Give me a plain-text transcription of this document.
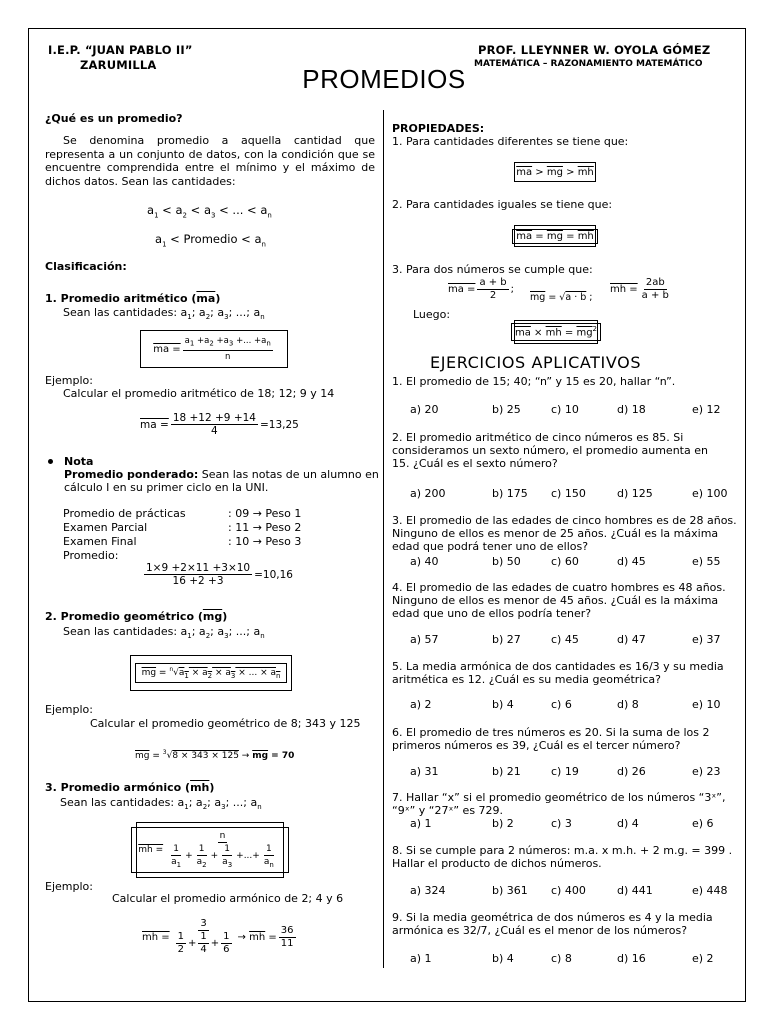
I.E.P. “JUAN PABLO II”
ZARUMILLA
PROF. LLEYNNER W. OYOLA GÓMEZ
MATEMÁTICA – RAZONAMIENTO MATEMÁTICO
PROMEDIOS
¿Qué es un promedio?
Se denomina promedio a aquella cantidad que representa a un conjunto de datos, con la condición que se encuentre comprendida entre el mínimo y el máximo de dichos datos. Sean las cantidades:
$a_1 < a_2 < a_3$ < ... < $a_n$
$a_1$ < Promedio < $a_n$
Clasificación:
1. Promedio aritmético $(\overline{ma})$
Sean las cantidades: $a_1$; $a_2$; $a_3$; ...; $a_n$
ma = $\frac{a_1 +a_2 +a_3 +... +a_n}{n}$
Ejemplo:
Calcular el promedio aritmético de 18; 12; 9 y 14
ma = $\frac{18 +12 +9 +14}{4} =13,25$
Nota
Promedio ponderado: Sean las notas de un alumno en
cálculo I en su primer ciclo en la UNI.
Promedio de prácticas	: 09 → Peso 1
Examen Parcial	: 11 → Peso 2
Examen Final	: 10 → Peso 3
Promedio:
$\frac{1\times 9 +2\times 11 +3\times 10}{16 +2 +3} =10,16$
2. Promedio geométrico $(\overline{mg})$
Sean las cantidades: $a_1$; $a_2$; $a_3$; ...; $a_n$
$\overline{mg} = ^n√a_1 \times a_2 \times a_3$ × ... × $a_n$
Ejemplo:
Calcular el promedio geométrico de 8; 343 y 125
$\overline{mg} = ^3√8 \times 343 \times 125 \to \overline{mg} = 70$
3. Promedio armónico $(\overline{mh})$
Sean las cantidades: $a_1$; $a_2$; $a_3$; ...; $a_n$
mh = $\frac{n}{\frac{1}{a_1} + \frac{1}{a_2} + \frac{1}{a_3} +...+ \frac{1}{a_n}}$
Ejemplo:
Calcular el promedio armónico de 2; 4 y 6
mh = $\frac{3}{\frac{1}{2} + \frac{1}{4} + \frac{1}{6}} \to \overline{mh} = \frac{36}{11}$
PROPIEDADES:
1. Para cantidades diferentes se tiene que:
$\overline{ma} > \overline{mg} > \overline{mh}$
2. Para cantidades iguales se tiene que:
$\overline{ma} = \overline{mg} = \overline{mh}$
3. Para dos números se cumple que:
ma = $\frac{a + b}{2}$ ;
$\overline{mg} = √a \cdot b$ ;
mh = $\frac{2ab}{a + b}$
Luego:
$\overline{ma} \times \overline{mh} = \overline{mg}^2$
EJERCICIOS APLICATIVOS
1. El promedio de 15; 40; “n” y 15 es 20, hallar “n”.
a) 20	b) 25	c) 10	d) 18	e) 12
2. El promedio aritmético de cinco números es 85. Si
consideramos un sexto número, el promedio aumenta en
15. ¿Cuál es el sexto número?
a) 200	b) 175 c) 150	d) 125	e) 100
3. El promedio de las edades de cinco hombres es de 28 años.
Ninguno de ellos es menor de 25 años. ¿Cuál es la máxima
edad que podrá tener uno de ellos?
a) 40	b) 50	c) 60	d) 45	e) 55
4. El promedio de las edades de cuatro hombres es 48 años.
Ninguno de ellos es menor de 45 años. ¿Cuál es la máxima
edad que uno de ellos podría tener?
a) 57	b) 27	c) 45	d) 47	e) 37
5. La media armónica de dos cantidades es 16/3 y su media
aritmética es 12. ¿Cuál es su media geométrica?
a) 2	b) 4	c) 6	d) 8	e) 10
6. El promedio de tres números es 20. Si la suma de los 2
primeros números es 39, ¿Cuál es el tercer número?
a) 31	b) 21	c) 19	d) 26	e) 23
7. Hallar “x” si el promedio geométrico de los números “3ˣ”,
“9ˣ” y “27ˣ” es 729.
a) 1	b) 2	c) 3	d) 4	e) 6
8. Si se cumple para 2 números: m.a. x m.h. + 2 m.g. = 399 .
Hallar el producto de dichos números.
a) 324	b) 361 c) 400	d) 441	e) 448
9. Si la media geométrica de dos números es 4 y la media
armónica es 32/7, ¿Cuál es el menor de los números?
a) 1	b) 4	c) 8	d) 16	e) 2
